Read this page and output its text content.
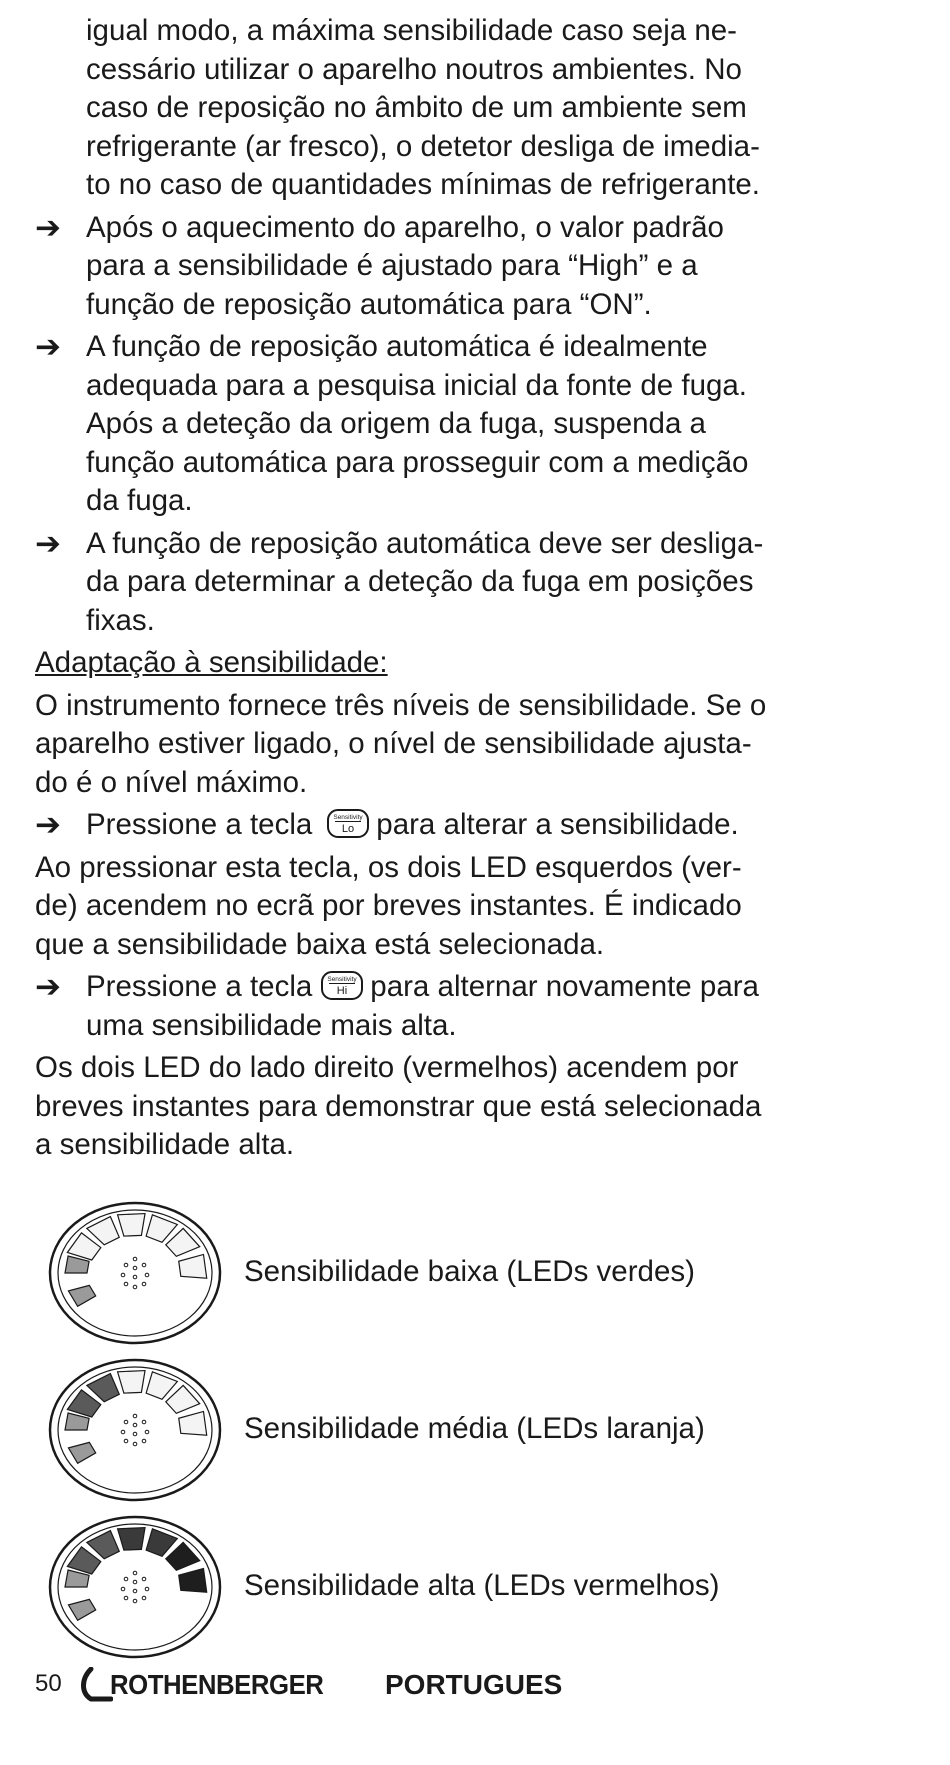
igual modo, a máxima sensibilidade caso seja ne-
cessário utilizar o aparelho noutros ambientes. No
caso de reposição no âmbito de um ambiente sem
refrigerante (ar fresco), o detetor desliga de imedia-
to no caso de quantidades mínimas de refrigerante.

➔ Após o aquecimento do aparelho, o valor padrão
para a sensibilidade é ajustado para “High” e a
função de reposição automática para “ON”.
➔ A função de reposição automática é idealmente
adequada para a pesquisa inicial da fonte de fuga.
Após a deteção da origem da fuga, suspenda a
função automática para prosseguir com a medição
da fuga.
➔ A função de reposição automática deve ser desliga-
da para determinar a deteção da fuga em posições
fixas.

Adaptação à sensibilidade:

O instrumento fornece três níveis de sensibilidade. Se o
aparelho estiver ligado, o nível de sensibilidade ajusta-
do é o nível máximo.

➔ Pressione a tecla	Sensitivity
Lo para alterar a sensibilidade.

Ao pressionar esta tecla, os dois LED esquerdos (ver-
de) acendem no ecrã por breves instantes. É indicado
que a sensibilidade baixa está selecionada.

➔ Pressione a tecla Sensitivity
Hi para alternar novamente para
uma sensibilidade mais alta.

Os dois LED do lado direito (vermelhos) acendem por
breves instantes para demonstrar que está selecionada
a sensibilidade alta.

Sensibilidade baixa (LEDs verdes)
Sensibilidade média (LEDs laranja)
Sensibilidade alta (LEDs vermelhos)
50 ROTHENBERGER PORTUGUES
